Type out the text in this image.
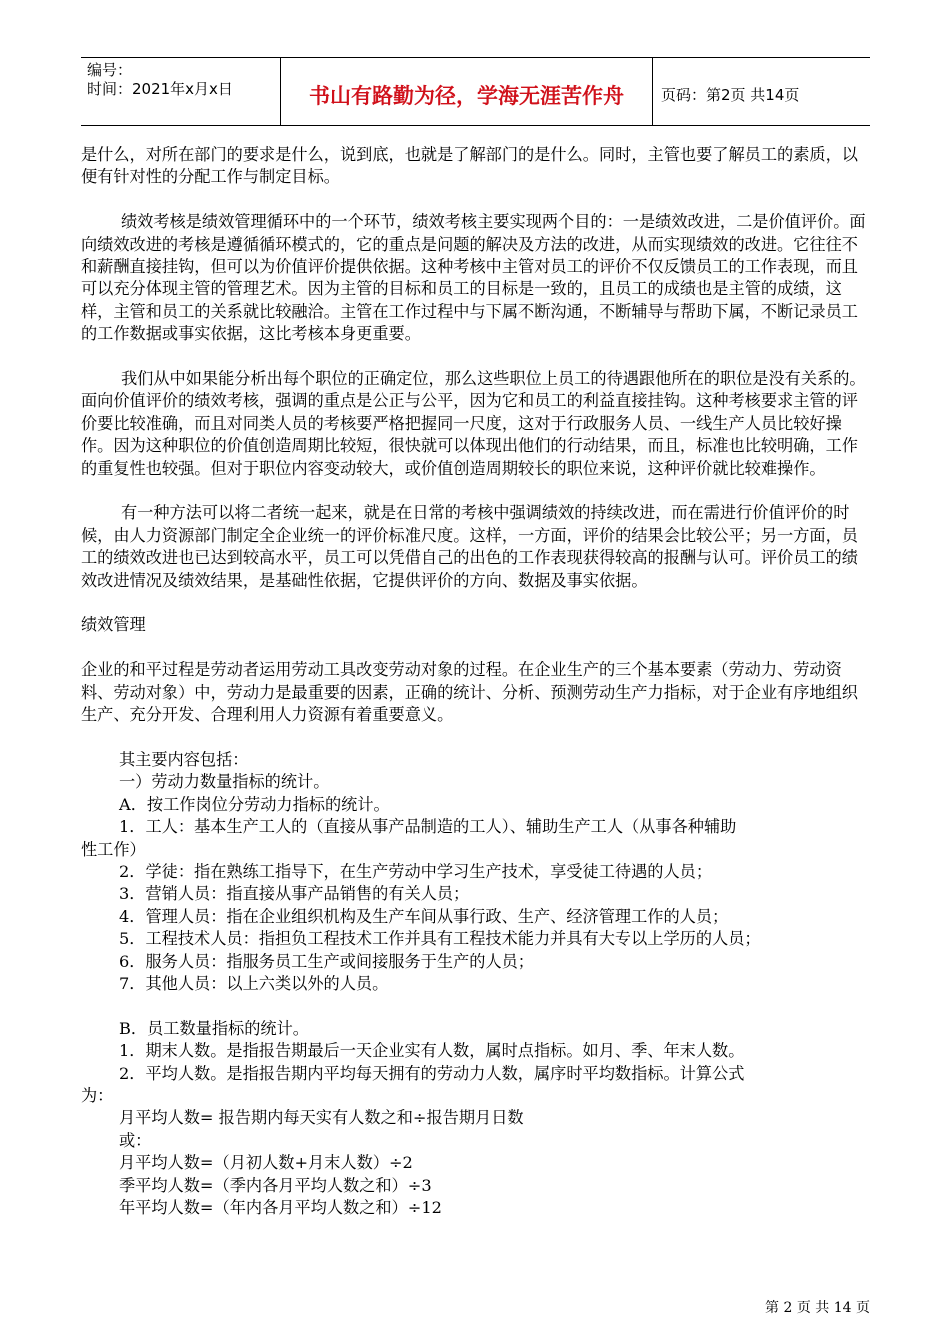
编号：
时间：2021年x月x日	书山有路勤为径，学海无涯苦作舟	页码：第2页 共14页

是什么，对所在部门的要求是什么，说到底，也就是了解部门的是什么。同时，主管也要了解员工的素质，以便有针对性的分配工作与制定目标。

绩效考核是绩效管理循环中的一个环节，绩效考核主要实现两个目的：一是绩效改进，二是价值评价。面向绩效改进的考核是遵循循环模式的，它的重点是问题的解决及方法的改进，从而实现绩效的改进。它往往不和薪酬直接挂钩，但可以为价值评价提供依据。这种考核中主管对员工的评价不仅反馈员工的工作表现，而且可以充分体现主管的管理艺术。因为主管的目标和员工的目标是一致的，且员工的成绩也是主管的成绩，这样，主管和员工的关系就比较融洽。主管在工作过程中与下属不断沟通，不断辅导与帮助下属，不断记录员工的工作数据或事实依据，这比考核本身更重要。

我们从中如果能分析出每个职位的正确定位，那么这些职位上员工的待遇跟他所在的职位是没有关系的。面向价值评价的绩效考核，强调的重点是公正与公平，因为它和员工的利益直接挂钩。这种考核要求主管的评价要比较准确，而且对同类人员的考核要严格把握同一尺度，这对于行政服务人员、一线生产人员比较好操作。因为这种职位的价值创造周期比较短，很快就可以体现出他们的行动结果，而且，标准也比较明确，工作的重复性也较强。但对于职位内容变动较大，或价值创造周期较长的职位来说，这种评价就比较难操作。

有一种方法可以将二者统一起来，就是在日常的考核中强调绩效的持续改进，而在需进行价值评价的时候，由人力资源部门制定全企业统一的评价标准尺度。这样，一方面，评价的结果会比较公平；另一方面，员工的绩效改进也已达到较高水平，员工可以凭借自己的出色的工作表现获得较高的报酬与认可。评价员工的绩效改进情况及绩效结果，是基础性依据，它提供评价的方向、数据及事实依据。

绩效管理

企业的和平过程是劳动者运用劳动工具改变劳动对象的过程。在企业生产的三个基本要素（劳动力、劳动资料、劳动对象）中，劳动力是最重要的因素，正确的统计、分析、预测劳动生产力指标，对于企业有序地组织生产、充分开发、合理利用人力资源有着重要意义。

其主要内容包括：

一）劳动力数量指标的统计。

A．按工作岗位分劳动力指标的统计。

1．工人：基本生产工人的（直接从事产品制造的工人）、辅助生产工人（从事各种辅助

性工作）

2．学徒：指在熟练工指导下，在生产劳动中学习生产技术，享受徒工待遇的人员；

3．营销人员：指直接从事产品销售的有关人员；

4．管理人员：指在企业组织机构及生产车间从事行政、生产、经济管理工作的人员；

5．工程技术人员：指担负工程技术工作并具有工程技术能力并具有大专以上学历的人员；

6．服务人员：指服务员工生产或间接服务于生产的人员；

7．其他人员：以上六类以外的人员。

B．员工数量指标的统计。

1．期末人数。是指报告期最后一天企业实有人数，属时点指标。如月、季、年末人数。

2．平均人数。是指报告期内平均每天拥有的劳动力人数，属序时平均数指标。计算公式

为：

月平均人数= 报告期内每天实有人数之和÷报告期月日数

或：

月平均人数=（月初人数+月末人数）÷2

季平均人数=（季内各月平均人数之和）÷3

年平均人数=（年内各月平均人数之和）÷12

第 2 页 共 14 页
